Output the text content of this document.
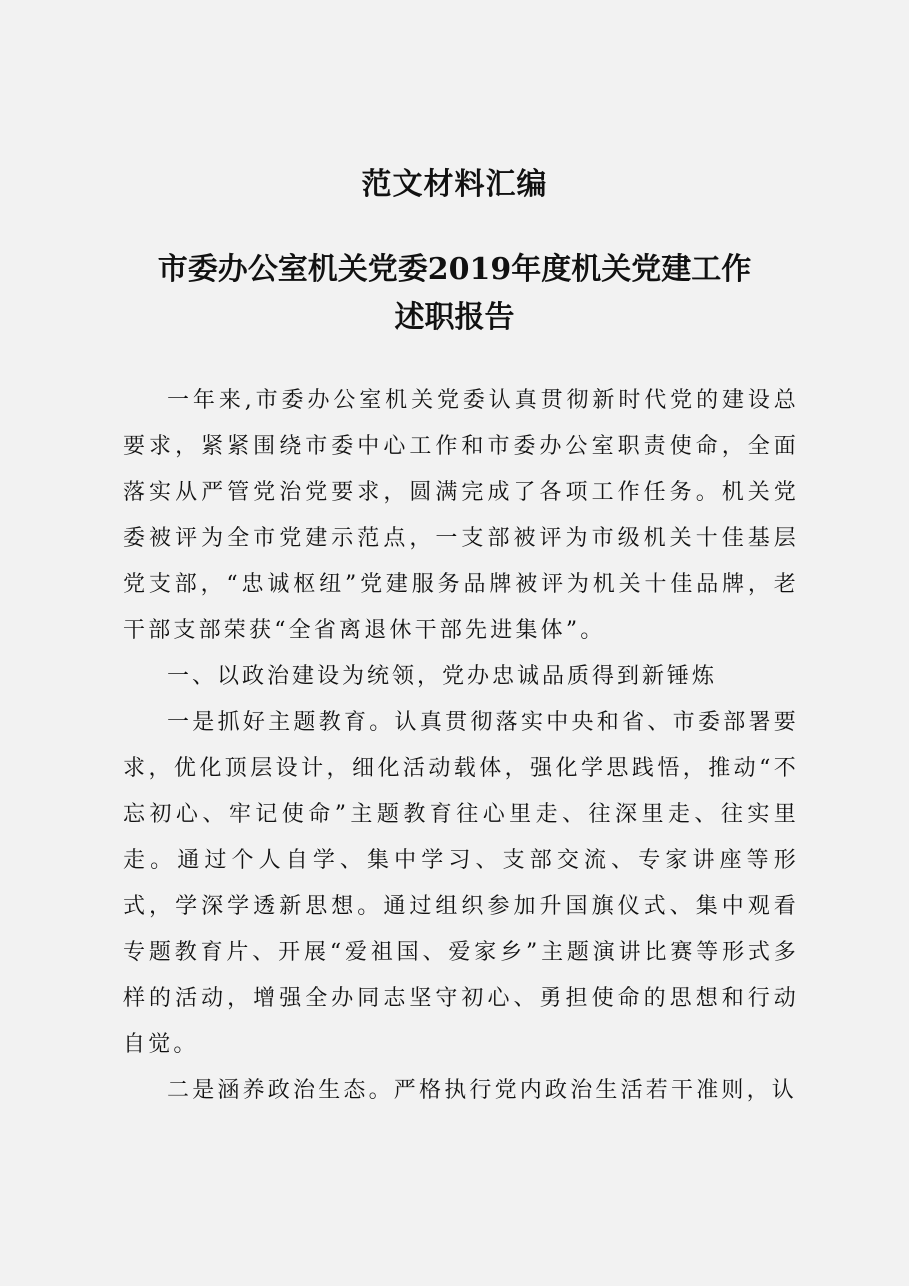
范文材料汇编
市委办公室机关党委2019年度机关党建工作
述职报告

一年来,市委办公室机关党委认真贯彻新时代党的建设总要求，紧紧围绕市委中心工作和市委办公室职责使命，全面落实从严管党治党要求，圆满完成了各项工作任务。机关党委被评为全市党建示范点，一支部被评为市级机关十佳基层党支部，“忠诚枢纽”党建服务品牌被评为机关十佳品牌，老干部支部荣获“全省离退休干部先进集体”。

一、以政治建设为统领，党办忠诚品质得到新锤炼

一是抓好主题教育。认真贯彻落实中央和省、市委部署要求，优化顶层设计，细化活动载体，强化学思践悟，推动“不忘初心、牢记使命”主题教育往心里走、往深里走、往实里走。通过个人自学、集中学习、支部交流、专家讲座等形式，学深学透新思想。通过组织参加升国旗仪式、集中观看专题教育片、开展“爱祖国、爱家乡”主题演讲比赛等形式多样的活动，增强全办同志坚守初心、勇担使命的思想和行动自觉。

二是涵养政治生态。严格执行党内政治生活若干准则，认
